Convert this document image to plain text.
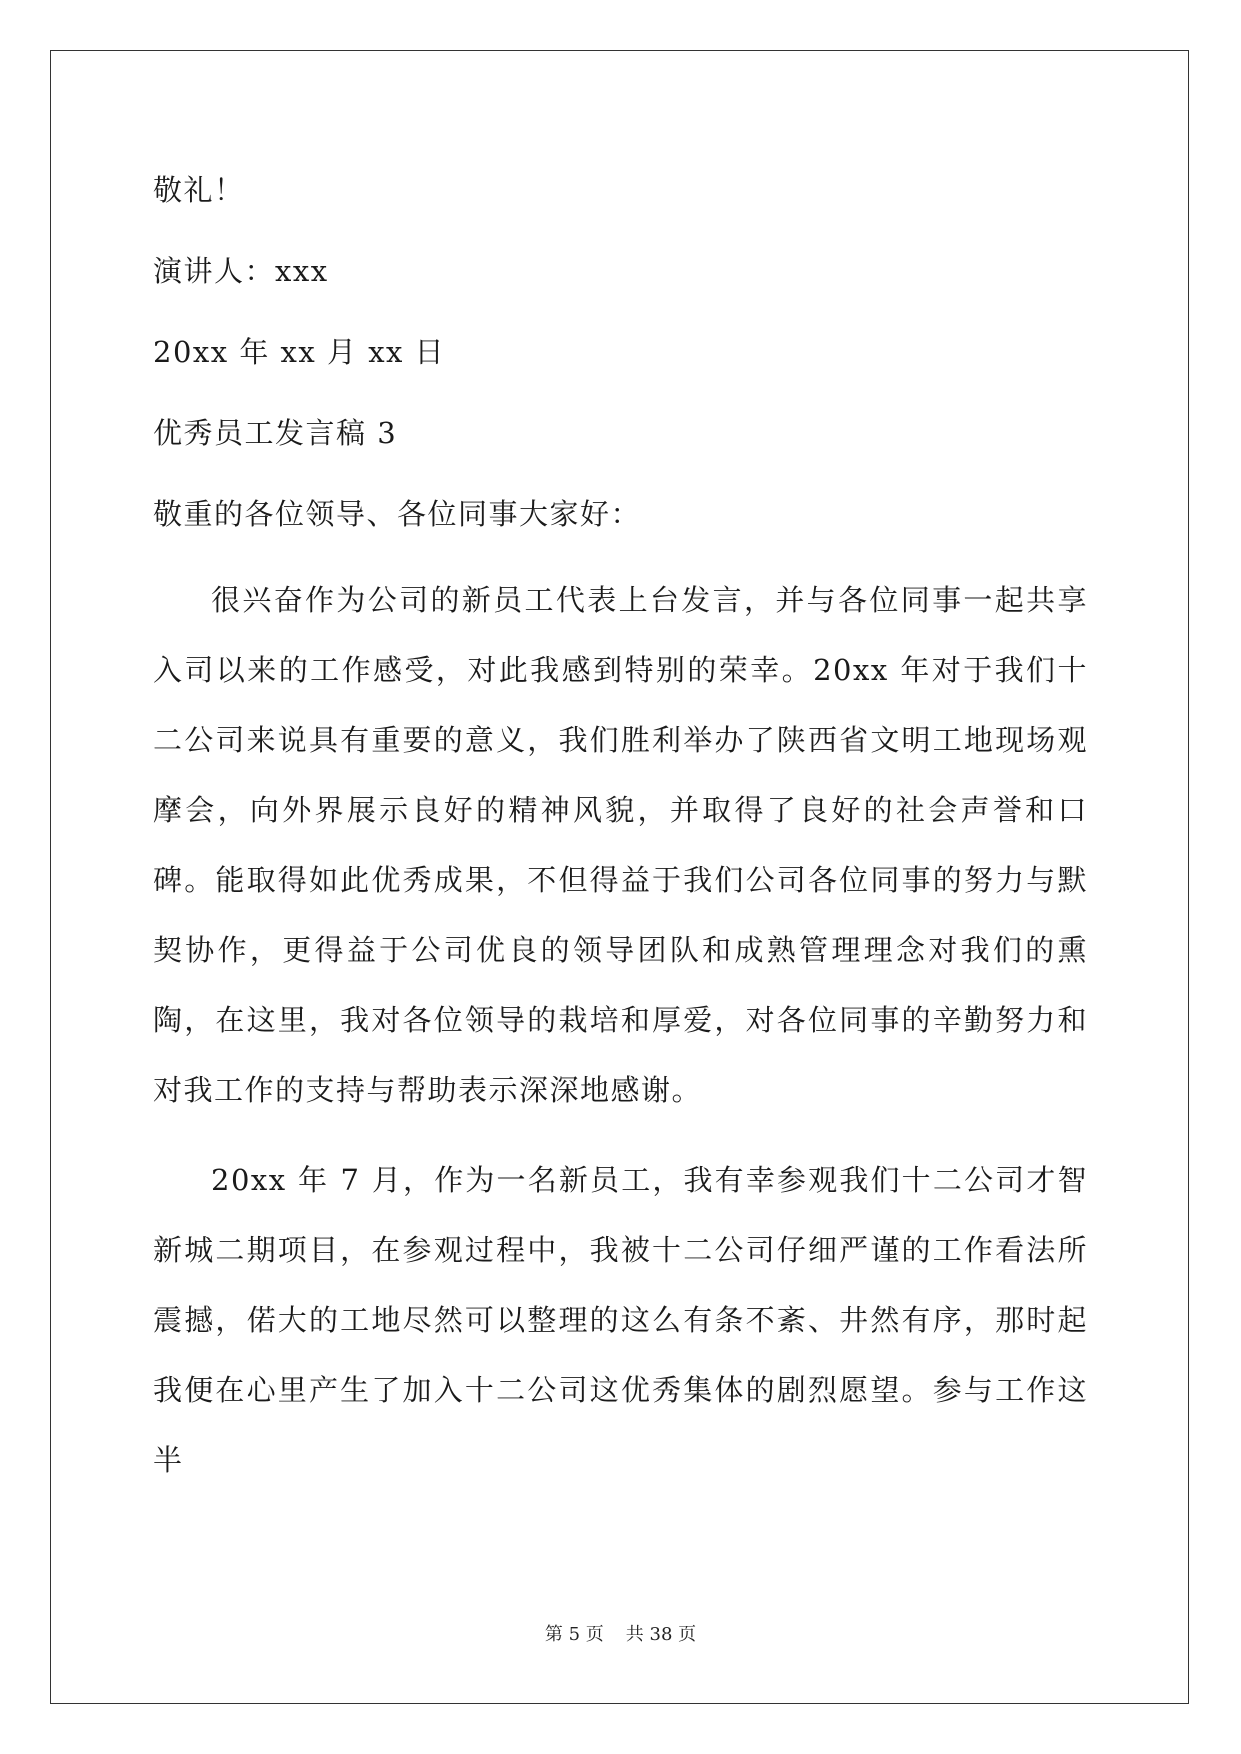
敬礼！
演讲人：xxx
20xx 年 xx 月 xx 日
优秀员工发言稿 3
敬重的各位领导、各位同事大家好：

很兴奋作为公司的新员工代表上台发言，并与各位同事一起共享入司以来的工作感受，对此我感到特别的荣幸。20xx 年对于我们十二公司来说具有重要的意义，我们胜利举办了陕西省文明工地现场观摩会，向外界展示良好的精神风貌，并取得了良好的社会声誉和口碑。能取得如此优秀成果，不但得益于我们公司各位同事的努力与默契协作，更得益于公司优良的领导团队和成熟管理理念对我们的熏陶，在这里，我对各位领导的栽培和厚爱，对各位同事的辛勤努力和对我工作的支持与帮助表示深深地感谢。

20xx 年 7 月，作为一名新员工，我有幸参观我们十二公司才智新城二期项目，在参观过程中，我被十二公司仔细严谨的工作看法所震撼，偌大的工地尽然可以整理的这么有条不紊、井然有序，那时起我便在心里产生了加入十二公司这优秀集体的剧烈愿望。参与工作这半

第 5 页 共 38 页
